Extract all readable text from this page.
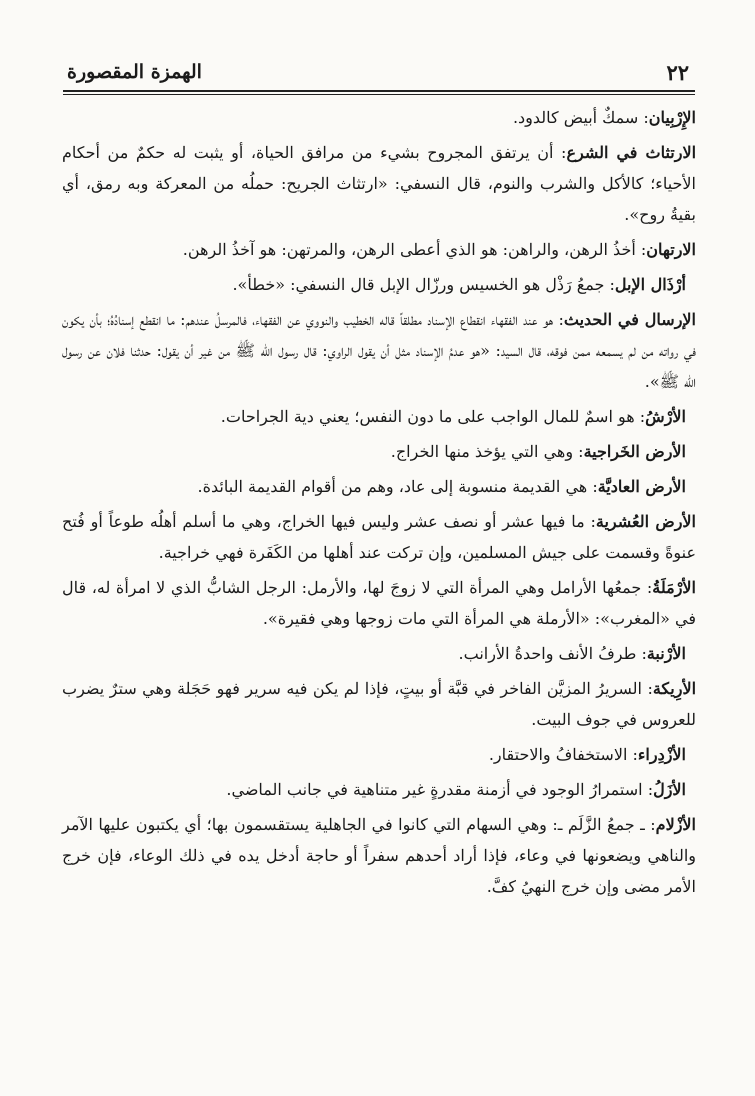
٢٢
الهمزة المقصورة

الإِرْبِيان: سمكٌ أبيض كالدود.

الارتثاث في الشرع: أن يرتفق المجروح بشيء من مرافق الحياة، أو يثبت له حكمٌ من أحكام الأحياء؛ كالأكل والشرب والنوم، قال النسفي: «ارتثاث الجريح: حملُه من المعركة وبه رمق، أي بقيةُ روح».

الارتهان: أخذُ الرهن، والراهن: هو الذي أعطى الرهن، والمرتهن: هو آخذُ الرهن.

أرْذَال الإبل: جمعُ رَذْل هو الخسيس ورزّال الإبل قال النسفي: «خطأ».

الإرسال في الحديث: هو عند الفقهاء انقطاع الإسناد مطلقاً قاله الخطيب والنووي عن الفقهاء، فالمرسلُ عندهم: ما انقطع إسنادُهُ؛ بأن يكون في رواته من لم يسمعه ممن فوقه، قال السيد: «هو عدمُ الإسناد مثل أن يقول الراوي: قال رسول الله ﷺ من غير أن يقول: حدثنا فلان عن رسول الله ﷺ».

الأرْشُ: هو اسمٌ للمال الواجب على ما دون النفس؛ يعني دية الجراحات.

الأرض الخَراجية: وهي التي يؤخذ منها الخراج.

الأرض العاديَّة: هي القديمة منسوبة إلى عاد، وهم من أقوام القديمة البائدة.

الأرض العُشرية: ما فيها عشر أو نصف عشر وليس فيها الخراج، وهي ما أسلم أهلُه طوعاً أو فُتح عنوةً وقسمت على جيش المسلمين، وإن تركت عند أهلها من الكَفَرة فهي خراجية.

الأرْمَلَةُ: جمعُها الأرامل وهي المرأة التي لا زوجَ لها، والأرمل: الرجل الشابُّ الذي لا امرأة له، قال في «المغرب»: «الأرملة هي المرأة التي مات زوجها وهي فقيرة».

الأرْنبة: طرفُ الأنف واحدةُ الأرانب.

الأرِيكة: السريرُ المزيَّن الفاخر في قبَّة أو بيتٍ، فإذا لم يكن فيه سرير فهو حَجَلة وهي سترٌ يضرب للعروس في جوف البيت.

الأزْدِراء: الاستخفافُ والاحتقار.

الأزَلُ: استمرارُ الوجود في أزمنة مقدرةٍ غير متناهية في جانب الماضي.

الأزْلام: ـ جمعُ الزَّلَم ـ: وهي السهام التي كانوا في الجاهلية يستقسمون بها؛ أي يكتبون عليها الآمر والناهي ويضعونها في وعاء، فإذا أراد أحدهم سفراً أو حاجة أدخل يده في ذلك الوعاء، فإن خرج الأمر مضى وإن خرج النهيُ كفَّ.
